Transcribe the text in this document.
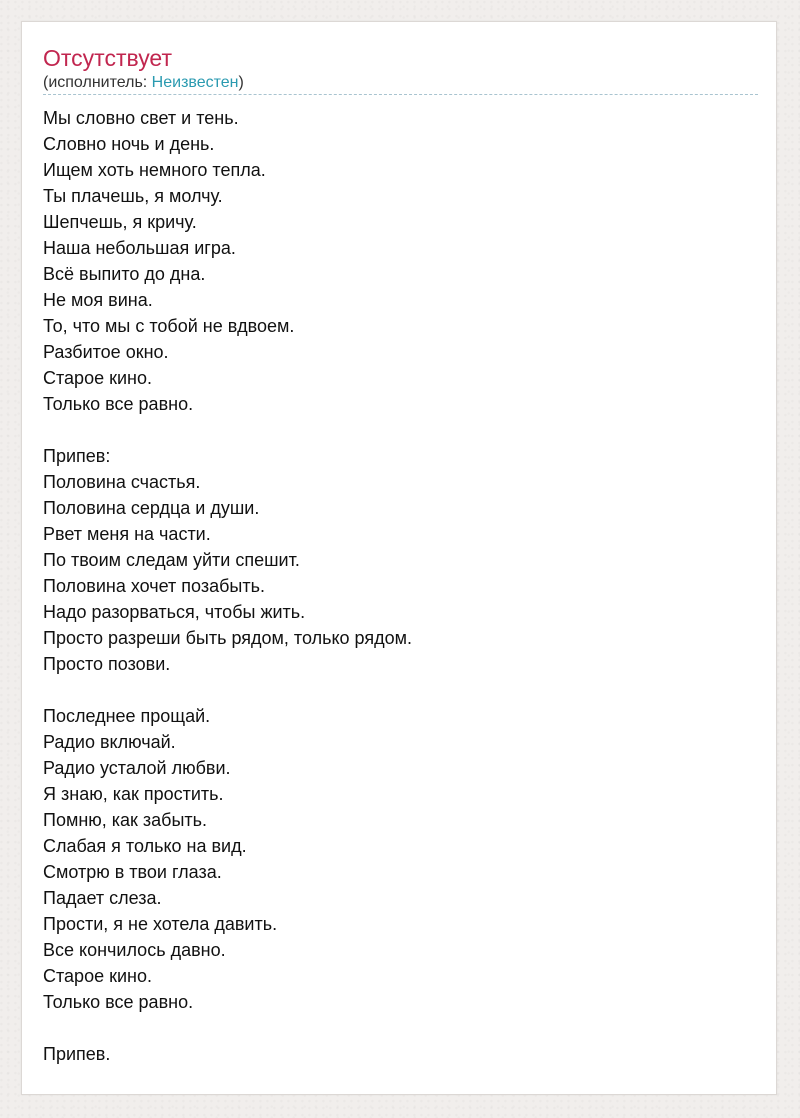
Отсутствует
(исполнитель: Неизвестен)
Мы словно свет и тень.
Словно ночь и день.
Ищем хоть немного тепла.
Ты плачешь, я молчу.
Шепчешь, я кричу.
Наша небольшая игра.
Всё выпито до дна.
Не моя вина.
То, что мы с тобой не вдвоем.
Разбитое окно.
Старое кино.
Только все равно.
Припев:
Половина счастья.
Половина сердца и души.
Рвет меня на части.
По твоим следам уйти спешит.
Половина хочет позабыть.
Надо разорваться, чтобы жить.
Просто разреши быть рядом, только рядом.
Просто позови.
Последнее прощай.
Радио включай.
Радио усталой любви.
Я знаю, как простить.
Помню, как забыть.
Слабая я только на вид.
Смотрю в твои глаза.
Падает слеза.
Прости, я не хотела давить.
Все кончилось давно.
Старое кино.
Только все равно.
Припев.
